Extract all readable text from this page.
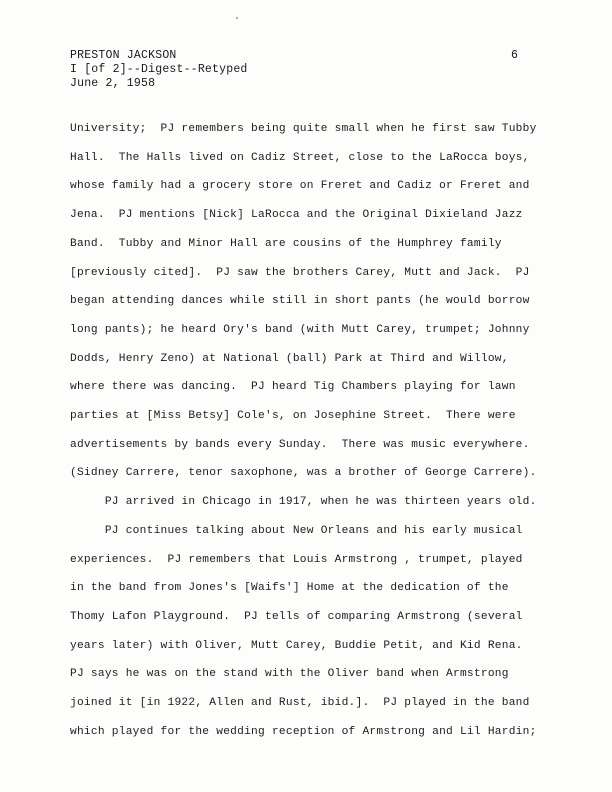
PRESTON JACKSON
I [of 2]--Digest--Retyped
June 2, 1958
6
University;  PJ remembers being quite small when he first saw Tubby
Hall.  The Halls lived on Cadiz Street, close to the LaRocca boys,
whose family had a grocery store on Freret and Cadiz or Freret and
Jena.  PJ mentions [Nick] LaRocca and the Original Dixieland Jazz
Band.  Tubby and Minor Hall are cousins of the Humphrey family
[previously cited].  PJ saw the brothers Carey, Mutt and Jack.  PJ
began attending dances while still in short pants (he would borrow
long pants); he heard Ory's band (with Mutt Carey, trumpet; Johnny
Dodds, Henry Zeno) at National (ball) Park at Third and Willow,
where there was dancing.  PJ heard Tig Chambers playing for lawn
parties at [Miss Betsy] Cole's, on Josephine Street.  There were
advertisements by bands every Sunday.  There was music everywhere.
(Sidney Carrere, tenor saxophone, was a brother of George Carrere).
PJ arrived in Chicago in 1917, when he was thirteen years old.
PJ continues talking about New Orleans and his early musical
experiences.  PJ remembers that Louis Armstrong , trumpet, played
in the band from Jones's [Waifs'] Home at the dedication of the
Thomy Lafon Playground.  PJ tells of comparing Armstrong (several
years later) with Oliver, Mutt Carey, Buddie Petit, and Kid Rena.
PJ says he was on the stand with the Oliver band when Armstrong
joined it [in 1922, Allen and Rust, ibid.].  PJ played in the band
which played for the wedding reception of Armstrong and Lil Hardin;
